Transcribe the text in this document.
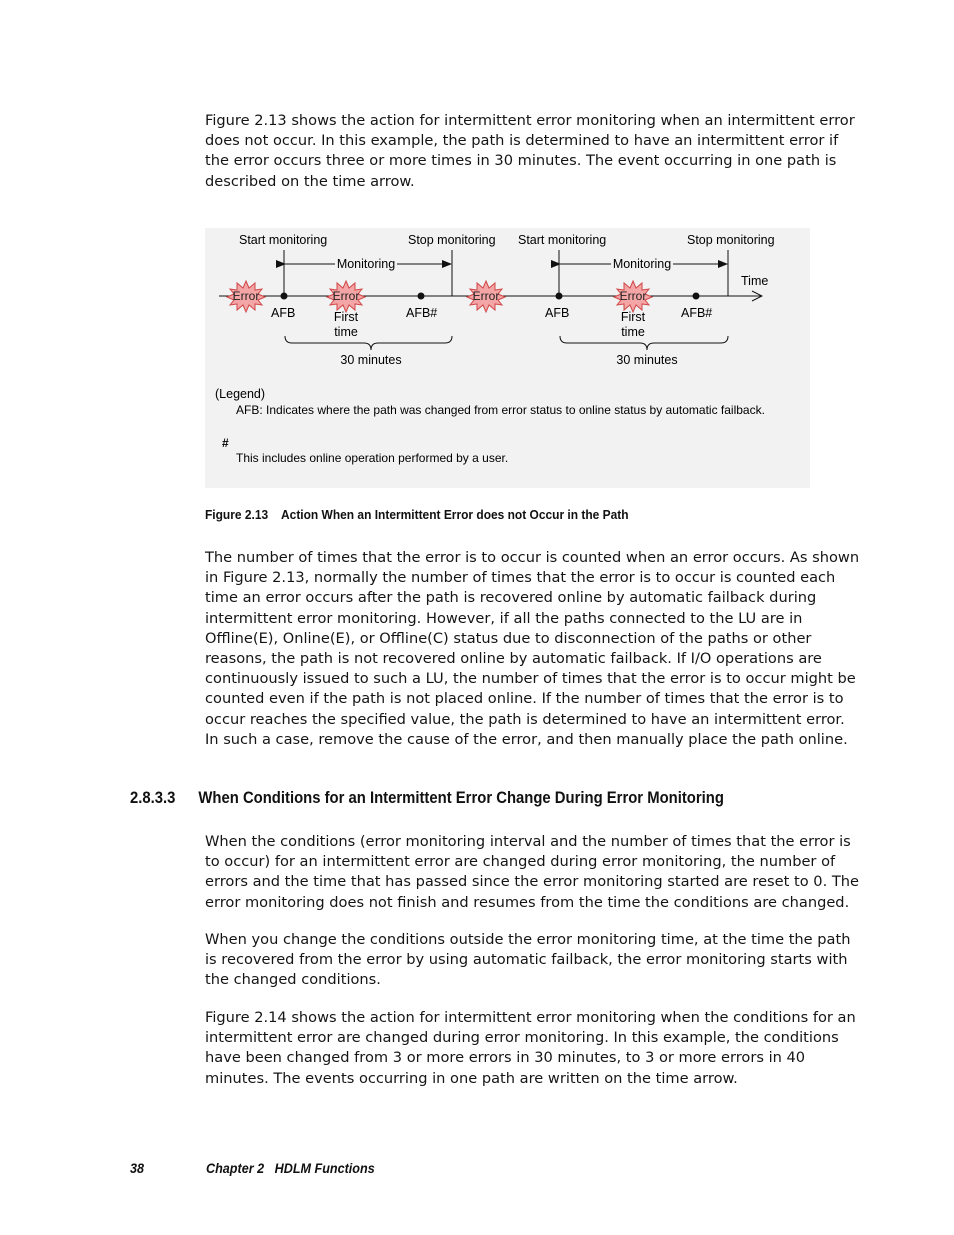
Figure 2.13 shows the action for intermittent error monitoring when an intermittent error does not occur. In this example, the path is determined to have an intermittent error if the error occurs three or more times in 30 minutes. The event occurring in one path is described on the time arrow.

Time
Start monitoring	Stop monitoring
Monitoring
Start monitoring	Stop monitoring
Monitoring
Error	Error	Error	Error
AFB	AFB#	AFB	AFB#
First
time
First
time
30 minutes	30 minutes
(Legend)
AFB: Indicates where the path was changed from error status to online status by automatic failback.
#
This includes online operation performed by a user.

Figure 2.13 Action When an Intermittent Error does not Occur in the Path

The number of times that the error is to occur is counted when an error occurs. As shown in Figure 2.13, normally the number of times that the error is to occur is counted each time an error occurs after the path is recovered online by automatic failback during intermittent error monitoring. However, if all the paths connected to the LU are in Offline(E), Online(E), or Offline(C) status due to disconnection of the paths or other reasons, the path is not recovered online by automatic failback. If I/O operations are continuously issued to such a LU, the number of times that the error is to occur might be counted even if the path is not placed online. If the number of times that the error is to occur reaches the specified value, the path is determined to have an intermittent error. In such a case, remove the cause of the error, and then manually place the path online.

2.8.3.3 When Conditions for an Intermittent Error Change During Error Monitoring

When the conditions (error monitoring interval and the number of times that the error is to occur) for an intermittent error are changed during error monitoring, the number of errors and the time that has passed since the error monitoring started are reset to 0. The error monitoring does not finish and resumes from the time the conditions are changed.

When you change the conditions outside the error monitoring time, at the time the path is recovered from the error by using automatic failback, the error monitoring starts with the changed conditions.

Figure 2.14 shows the action for intermittent error monitoring when the conditions for an intermittent error are changed during error monitoring. In this example, the conditions have been changed from 3 or more errors in 30 minutes, to 3 or more errors in 40 minutes. The events occurring in one path are written on the time arrow.

38	Chapter 2   HDLM Functions
